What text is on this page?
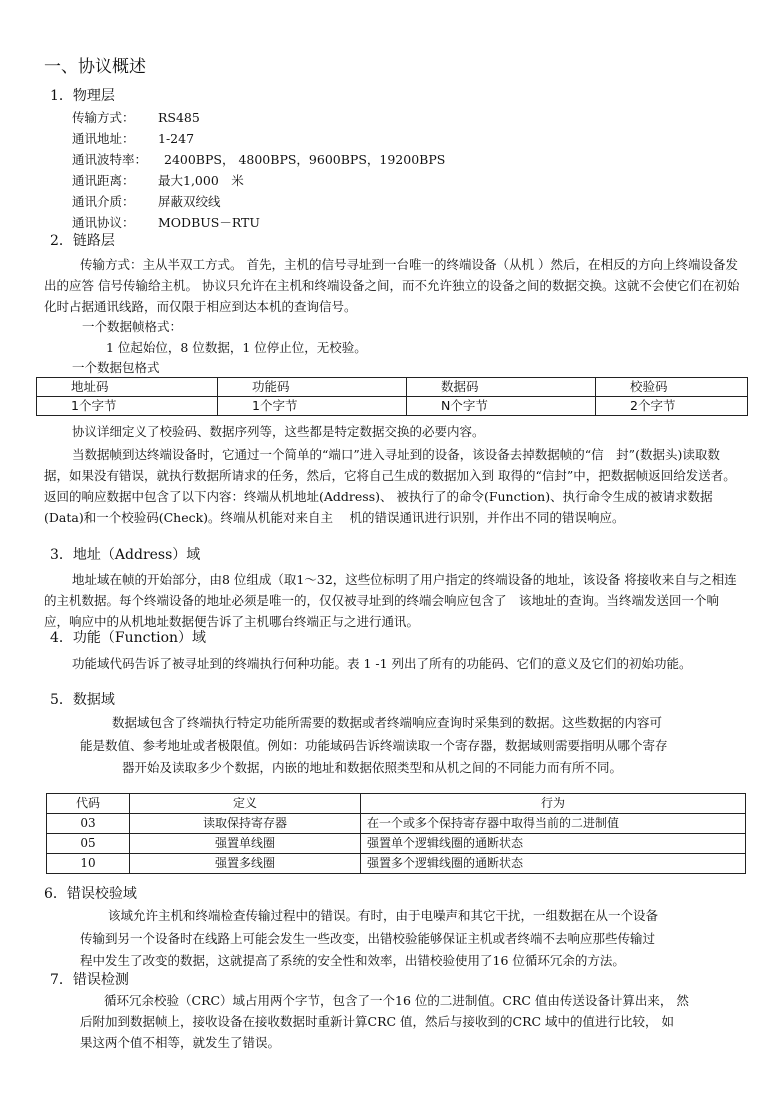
一、协议概述
1．物理层
传输方式： RS485
通讯地址： 1-247
通讯波特率： 2400BPS， 4800BPS，9600BPS，19200BPS
通讯距离： 最大1,000　米
通讯介质： 屏蔽双绞线
通讯协议： MODBUS－RTU
2．链路层
传输方式：主从半双工方式。 首先，主机的信号寻址到一台唯一的终端设备（从机 ）然后，在相反的方向上终端设备发出的应答 信号传输给主机。 协议只允许在主机和终端设备之间，而不允许独立的设备之间的数据交换。这就不会使它们在初始化时占据通讯线路，而仅限于相应到达本机的查询信号。
一个数据帧格式：
1 位起始位，8 位数据，1 位停止位，无校验。
一个数据包格式
地址码	功能码	数据码	校验码
1个字节	1个字节	N个字节	2个字节
协议详细定义了校验码、数据序列等，这些都是特定数据交换的必要内容。
当数据帧到达终端设备时，它通过一个简单的“端口”进入寻址到的设备，该设备去掉数据帧的“信　封”(数据头)读取数据，如果没有错误，就执行数据所请求的任务，然后，它将自己生成的数据加入到 取得的“信封”中，把数据帧返回给发送者。返回的响应数据中包含了以下内容：终端从机地址(Address)、 被执行了的命令(Function)、执行命令生成的被请求数据(Data)和一个校验码(Check)。终端从机能对来自主　 机的错误通讯进行识别，并作出不同的错误响应。
3．地址（Address）域
地址域在帧的开始部分，由8 位组成（取1～32，这些位标明了用户指定的终端设备的地址，该设备 将接收来自与之相连的主机数据。每个终端设备的地址必须是唯一的，仅仅被寻址到的终端会响应包含了　该地址的查询。当终端发送回一个响应，响应中的从机地址数据便告诉了主机哪台终端正与之进行通讯。
4．功能（Function）域
功能域代码告诉了被寻址到的终端执行何种功能。表 1 -1 列出了所有的功能码、它们的意义及它们的初始功能。
5．数据域
数据域包含了终端执行特定功能所需要的数据或者终端响应查询时采集到的数据。这些数据的内容可
能是数值、参考地址或者极限值。例如：功能域码告诉终端读取一个寄存器，数据域则需要指明从哪个寄存
器开始及读取多少个数据，内嵌的地址和数据依照类型和从机之间的不同能力而有所不同。
代码	定义	行为
03	读取保持寄存器	在一个或多个保持寄存器中取得当前的二进制值
05	强置单线圈	强置单个逻辑线圈的通断状态
10	强置多线圈	强置多个逻辑线圈的通断状态
6．错误校验域
该域允许主机和终端检查传输过程中的错误。有时，由于电噪声和其它干扰，一组数据在从一个设备
传输到另一个设备时在线路上可能会发生一些改变，出错校验能够保证主机或者终端不去响应那些传输过
程中发生了改变的数据，这就提高了系统的安全性和效率，出错校验使用了16 位循环冗余的方法。
7．错误检测
循环冗余校验（CRC）域占用两个字节，包含了一个16 位的二进制值。CRC 值由传送设备计算出来， 然
后附加到数据帧上，接收设备在接收数据时重新计算CRC 值，然后与接收到的CRC 域中的值进行比较， 如
果这两个值不相等，就发生了错误。
